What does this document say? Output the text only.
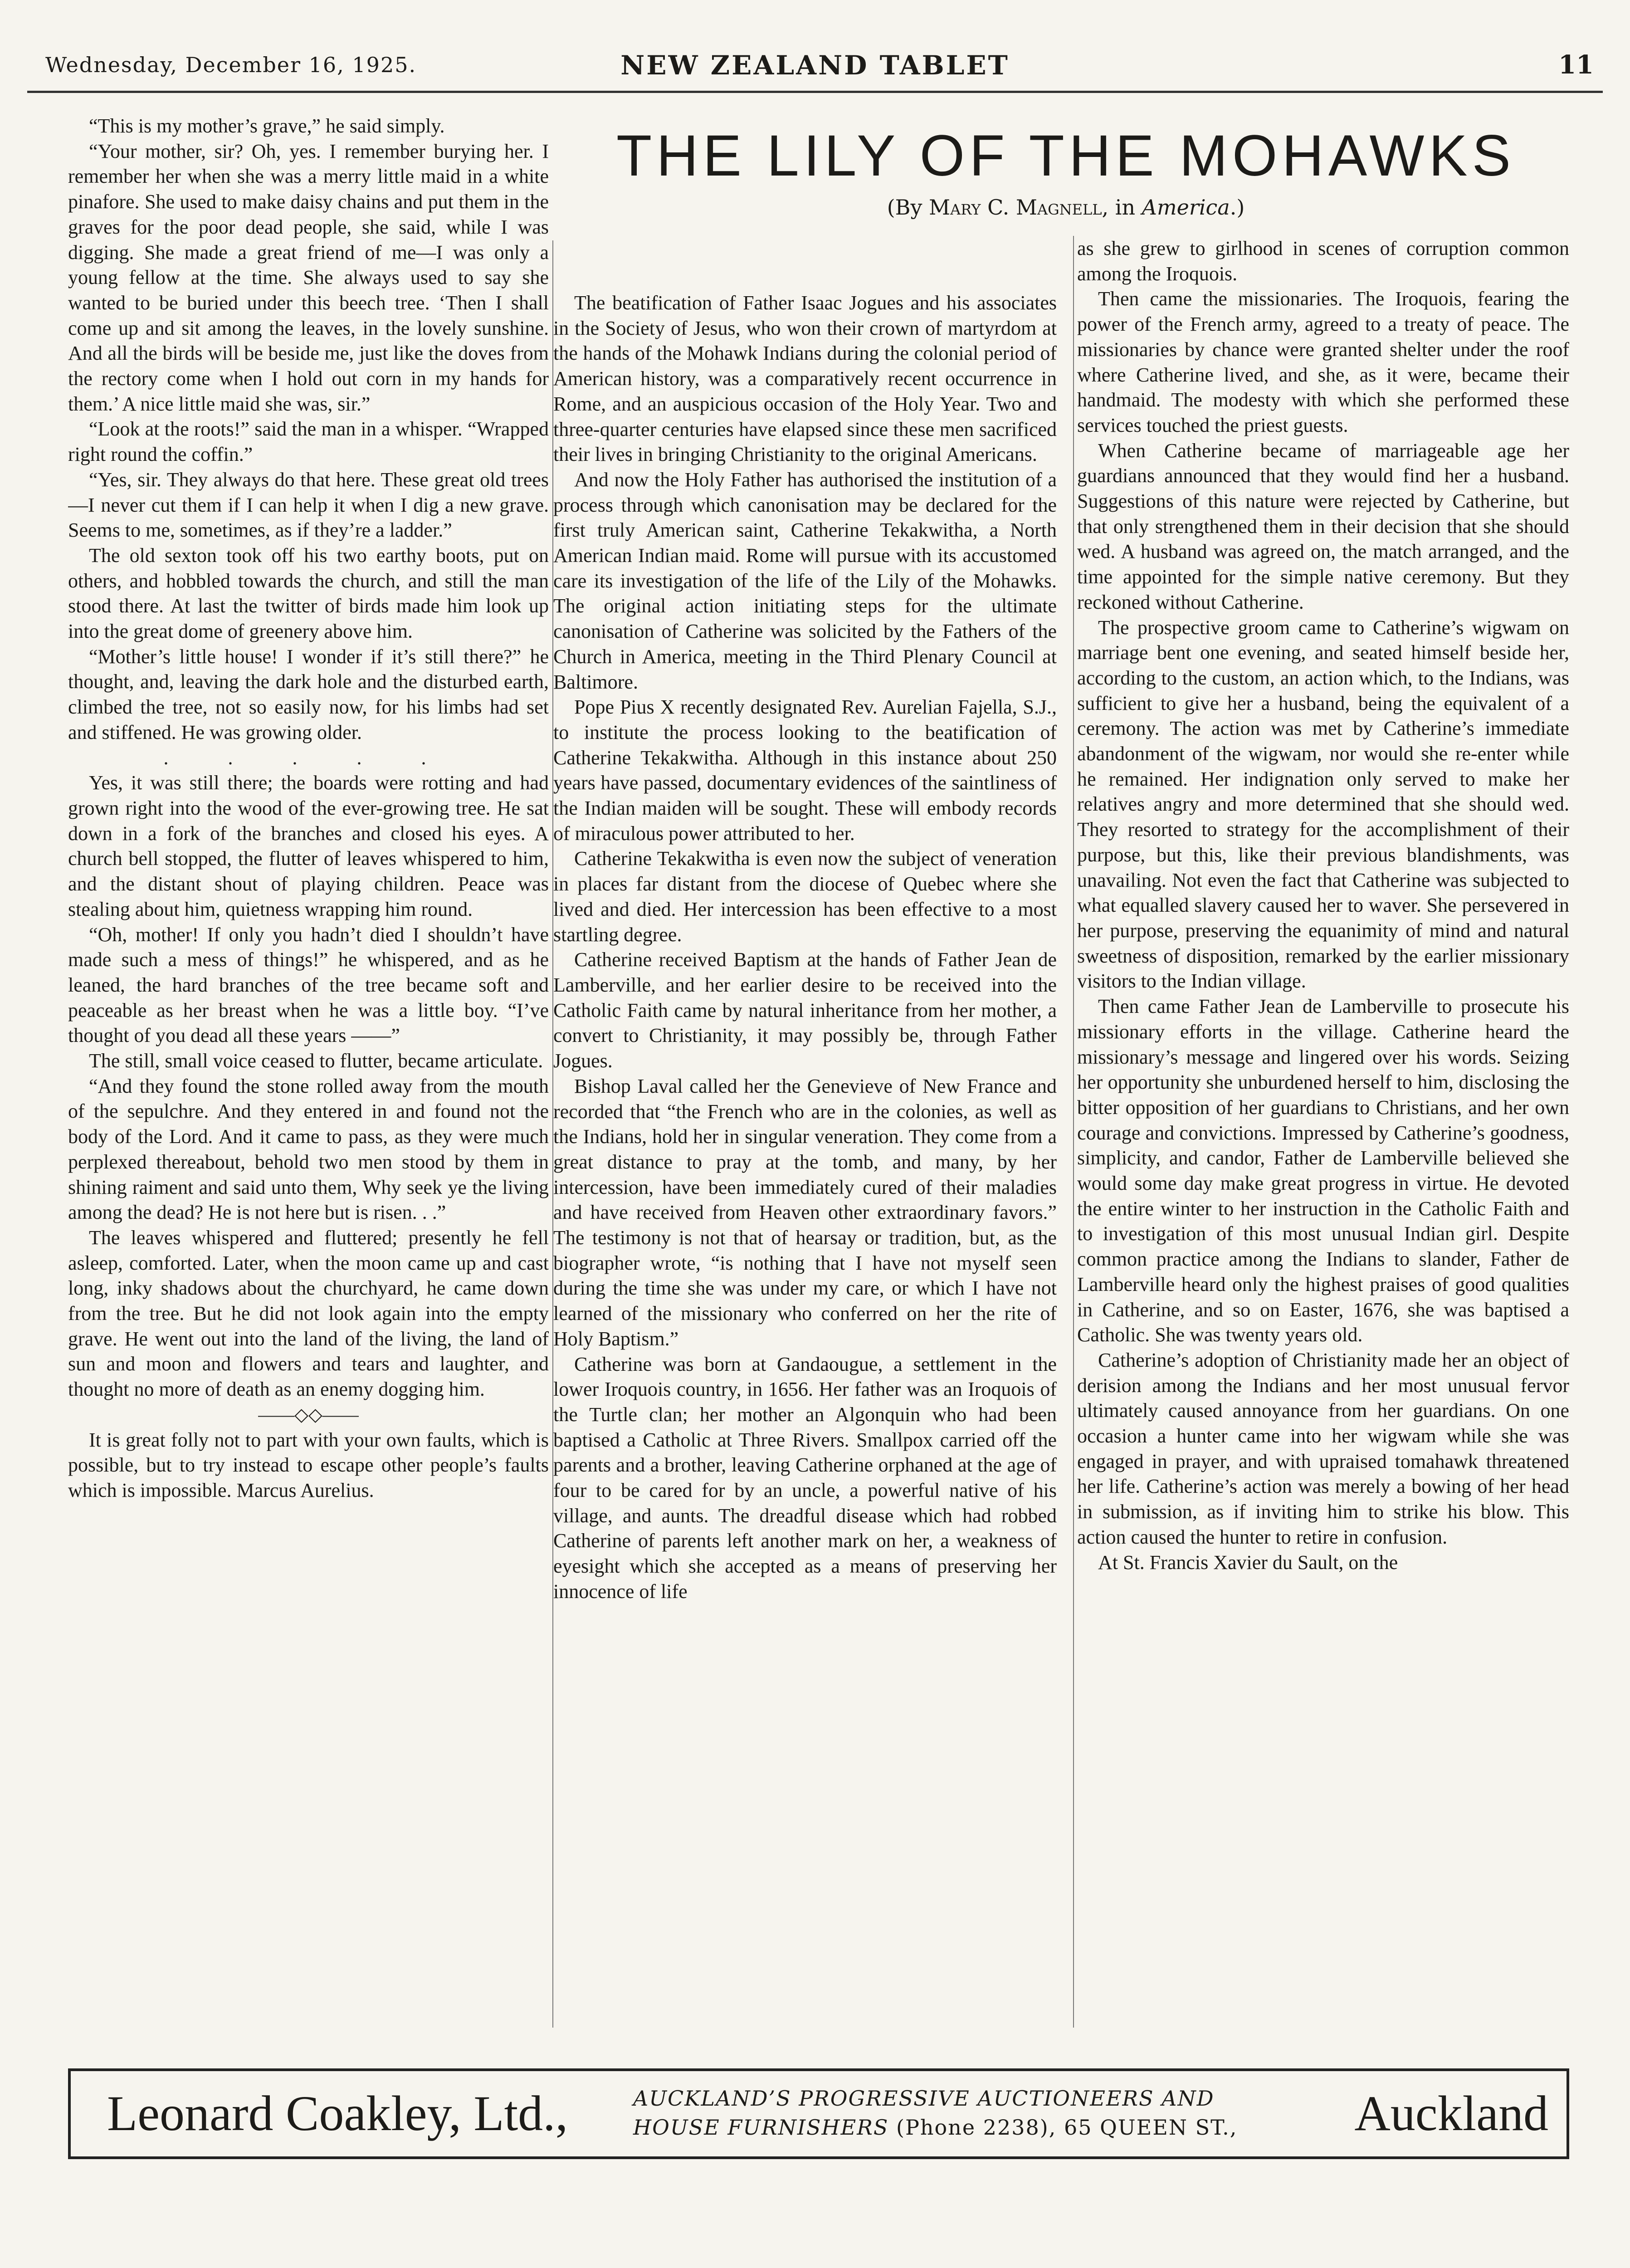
Wednesday, December 16, 1925.	NEW ZEALAND TABLET	11

“This is my mother’s grave,” he said simply.

“Your mother, sir? Oh, yes. I remember burying her. I remember her when she was a merry little maid in a white pinafore. She used to make daisy chains and put them in the graves for the poor dead people, she said, while I was digging. She made a great friend of me—I was only a young fellow at the time. She always used to say she wanted to be buried under this beech tree. ‘Then I shall come up and sit among the leaves, in the lovely sunshine. And all the birds will be beside me, just like the doves from the rectory come when I hold out corn in my hands for them.’ A nice little maid she was, sir.”

“Look at the roots!” said the man in a whisper. “Wrapped right round the coffin.”

“Yes, sir. They always do that here. These great old trees—I never cut them if I can help it when I dig a new grave. Seems to me, sometimes, as if they’re a ladder.”

The old sexton took off his two earthy boots, put on others, and hobbled towards the church, and still the man stood there. At last the twitter of birds made him look up into the great dome of greenery above him.

“Mother’s little house! I wonder if it’s still there?” he thought, and, leaving the dark hole and the disturbed earth, climbed the tree, not so easily now, for his limbs had set and stiffened. He was growing older.

. . . . .

Yes, it was still there; the boards were rotting and had grown right into the wood of the ever-growing tree. He sat down in a fork of the branches and closed his eyes. A church bell stopped, the flutter of leaves whispered to him, and the distant shout of playing children. Peace was stealing about him, quietness wrapping him round.

“Oh, mother! If only you hadn’t died I shouldn’t have made such a mess of things!” he whispered, and as he leaned, the hard branches of the tree became soft and peaceable as her breast when he was a little boy. “I’ve thought of you dead all these years ——”

The still, small voice ceased to flutter, became articulate.

“And they found the stone rolled away from the mouth of the sepulchre. And they entered in and found not the body of the Lord. And it came to pass, as they were much perplexed thereabout, behold two men stood by them in shining raiment and said unto them, Why seek ye the living among the dead? He is not here but is risen. . .”

The leaves whispered and fluttered; presently he fell asleep, comforted. Later, when the moon came up and cast long, inky shadows about the churchyard, he came down from the tree. But he did not look again into the empty grave. He went out into the land of the living, the land of sun and moon and flowers and tears and laughter, and thought no more of death as an enemy dogging him.

——◇◇——

It is great folly not to part with your own faults, which is possible, but to try instead to escape other people’s faults which is impossible. Marcus Aurelius.

THE LILY OF THE MOHAWKS
(By Mary C. Magnell, in America.)

The beatification of Father Isaac Jogues and his associates in the Society of Jesus, who won their crown of martyrdom at the hands of the Mohawk Indians during the colonial period of American history, was a comparatively recent occurrence in Rome, and an auspicious occasion of the Holy Year. Two and three-quarter centuries have elapsed since these men sacrificed their lives in bringing Christianity to the original Americans.

And now the Holy Father has authorised the institution of a process through which canonisation may be declared for the first truly American saint, Catherine Tekakwitha, a North American Indian maid. Rome will pursue with its accustomed care its investigation of the life of the Lily of the Mohawks. The original action initiating steps for the ultimate canonisation of Catherine was solicited by the Fathers of the Church in America, meeting in the Third Plenary Council at Baltimore.

Pope Pius X recently designated Rev. Aurelian Fajella, S.J., to institute the process looking to the beatification of Catherine Tekakwitha. Although in this instance about 250 years have passed, documentary evidences of the saintliness of the Indian maiden will be sought. These will embody records of miraculous power attributed to her.

Catherine Tekakwitha is even now the subject of veneration in places far distant from the diocese of Quebec where she lived and died. Her intercession has been effective to a most startling degree.

Catherine received Baptism at the hands of Father Jean de Lamberville, and her earlier desire to be received into the Catholic Faith came by natural inheritance from her mother, a convert to Christianity, it may possibly be, through Father Jogues.

Bishop Laval called her the Genevieve of New France and recorded that “the French who are in the colonies, as well as the Indians, hold her in singular veneration. They come from a great distance to pray at the tomb, and many, by her intercession, have been immediately cured of their maladies and have received from Heaven other extraordinary favors.” The testimony is not that of hearsay or tradition, but, as the biographer wrote, “is nothing that I have not myself seen during the time she was under my care, or which I have not learned of the missionary who conferred on her the rite of Holy Baptism.”

Catherine was born at Gandaougue, a settlement in the lower Iroquois country, in 1656. Her father was an Iroquois of the Turtle clan; her mother an Algonquin who had been baptised a Catholic at Three Rivers. Smallpox carried off the parents and a brother, leaving Catherine orphaned at the age of four to be cared for by an uncle, a powerful native of his village, and aunts. The dreadful disease which had robbed Catherine of parents left another mark on her, a weakness of eyesight which she accepted as a means of preserving her innocence of life

as she grew to girlhood in scenes of corruption common among the Iroquois.

Then came the missionaries. The Iroquois, fearing the power of the French army, agreed to a treaty of peace. The missionaries by chance were granted shelter under the roof where Catherine lived, and she, as it were, became their handmaid. The modesty with which she performed these services touched the priest guests.

When Catherine became of marriageable age her guardians announced that they would find her a husband. Suggestions of this nature were rejected by Catherine, but that only strengthened them in their decision that she should wed. A husband was agreed on, the match arranged, and the time appointed for the simple native ceremony. But they reckoned without Catherine.

The prospective groom came to Catherine’s wigwam on marriage bent one evening, and seated himself beside her, according to the custom, an action which, to the Indians, was sufficient to give her a husband, being the equivalent of a ceremony. The action was met by Catherine’s immediate abandonment of the wigwam, nor would she re-enter while he remained. Her indignation only served to make her relatives angry and more determined that she should wed. They resorted to strategy for the accomplishment of their purpose, but this, like their previous blandishments, was unavailing. Not even the fact that Catherine was subjected to what equalled slavery caused her to waver. She persevered in her purpose, preserving the equanimity of mind and natural sweetness of disposition, remarked by the earlier missionary visitors to the Indian village.

Then came Father Jean de Lamberville to prosecute his missionary efforts in the village. Catherine heard the missionary’s message and lingered over his words. Seizing her opportunity she unburdened herself to him, disclosing the bitter opposition of her guardians to Christians, and her own courage and convictions. Impressed by Catherine’s goodness, simplicity, and candor, Father de Lamberville believed she would some day make great progress in virtue. He devoted the entire winter to her instruction in the Catholic Faith and to investigation of this most unusual Indian girl. Despite common practice among the Indians to slander, Father de Lamberville heard only the highest praises of good qualities in Catherine, and so on Easter, 1676, she was baptised a Catholic. She was twenty years old.

Catherine’s adoption of Christianity made her an object of derision among the Indians and her most unusual fervor ultimately caused annoyance from her guardians. On one occasion a hunter came into her wigwam while she was engaged in prayer, and with upraised tomahawk threatened her life. Catherine’s action was merely a bowing of her head in submission, as if inviting him to strike his blow. This action caused the hunter to retire in confusion.

At St. Francis Xavier du Sault, on the

Leonard Coakley, Ltd.,	AUCKLAND’S PROGRESSIVE AUCTIONEERS AND
HOUSE FURNISHERS (Phone 2238), 65 QUEEN ST.,	Auckland
